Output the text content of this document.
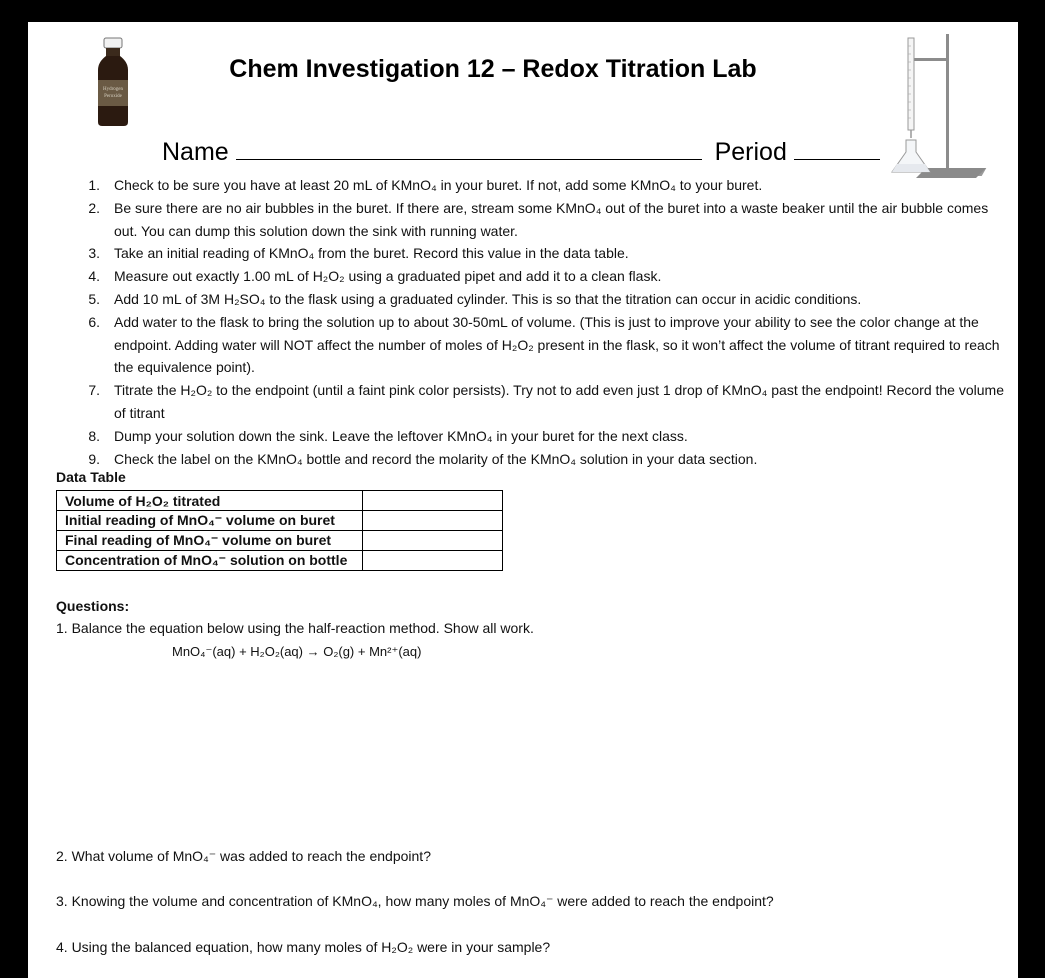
Hydrogen
Peroxide
Chem Investigation 12 – Redox Titration Lab
Name	Period
1. Check to be sure you have at least 20 mL of KMnO₄ in your buret. If not, add some KMnO₄ to your buret.
2. Be sure there are no air bubbles in the buret. If there are, stream some KMnO₄ out of the buret into a waste beaker until the air bubble comes out. You can dump this solution down the sink with running water.
3. Take an initial reading of KMnO₄ from the buret. Record this value in the data table.
4. Measure out exactly 1.00 mL of H₂O₂ using a graduated pipet and add it to a clean flask.
5. Add 10 mL of 3M H₂SO₄ to the flask using a graduated cylinder. This is so that the titration can occur in acidic conditions.
6. Add water to the flask to bring the solution up to about 30-50mL of volume. (This is just to improve your ability to see the color change at the endpoint. Adding water will NOT affect the number of moles of H₂O₂ present in the flask, so it won’t affect the volume of titrant required to reach the equivalence point).
7. Titrate the H₂O₂ to the endpoint (until a faint pink color persists). Try not to add even just 1 drop of KMnO₄ past the endpoint! Record the volume of titrant
8. Dump your solution down the sink. Leave the leftover KMnO₄ in your buret for the next class.
9. Check the label on the KMnO₄ bottle and record the molarity of the KMnO₄ solution in your data section.
Data Table
Volume of H₂O₂ titrated	
Initial reading of MnO₄⁻ volume on buret	
Final reading of MnO₄⁻ volume on buret	
Concentration of MnO₄⁻ solution on bottle	
Questions:
1. Balance the equation below using the half-reaction method. Show all work.
MnO₄⁻(aq) + H₂O₂(aq) → O₂(g) + Mn²⁺(aq)
2. What volume of MnO₄⁻ was added to reach the endpoint?
3. Knowing the volume and concentration of KMnO₄, how many moles of MnO₄⁻ were added to reach the endpoint?
4. Using the balanced equation, how many moles of H₂O₂ were in your sample?
